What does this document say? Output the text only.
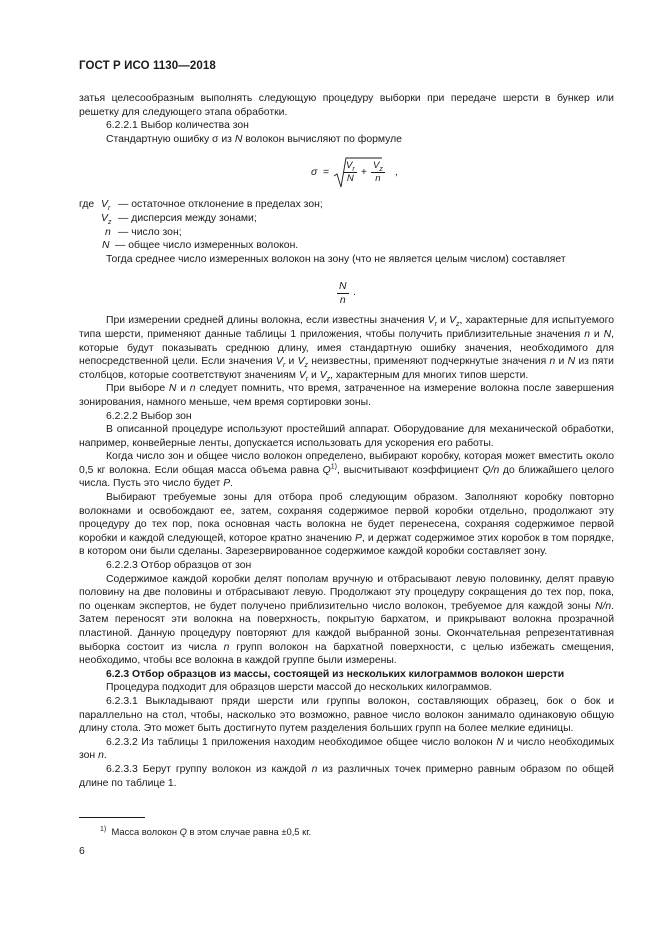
ГОСТ Р ИСО 1130—2018

затья целесообразным выполнять следующую процедуру выборки при передаче шерсти в бункер или решетку для следующего этапа обработки.

6.2.2.1 Выбор количества зон

Стандартную ошибку σ из N волокон вычисляют по формуле

$\sigma = \frac{V_r}{N} + \frac{V_z}{n}$ ,
где $V_r$ — остаточное отклонение в пределах зон;
$V_z$ — дисперсия между зонами;
n — число зон;
N — общее число измеренных волокон.

Тогда среднее число измеренных волокон на зону (что не является целым числом) составляет

$\frac{N}{n}$ .

При измерении средней длины волокна, если известны значения $V_r$ и $V_z$, характерные для испытуемого типа шерсти, применяют данные таблицы 1 приложения, чтобы получить приблизительные значения n и N, которые будут показывать среднюю длину, имея стандартную ошибку значения, необходимого для непосредственной цели. Если значения $V_r$ и $V_z$ неизвестны, применяют подчеркнутые значения n и N из пяти столбцов, которые соответствуют значениям $V_r$ и $V_z$, характерным для многих типов шерсти.

При выборе N и n следует помнить, что время, затраченное на измерение волокна после завершения зонирования, намного меньше, чем время сортировки зоны.

6.2.2.2 Выбор зон

В описанной процедуре используют простейший аппарат. Оборудование для механической обработки, например, конвейерные ленты, допускается использовать для ускорения его работы.

Когда число зон и общее число волокон определено, выбирают коробку, которая может вместить около 0,5 кг волокна. Если общая масса объема равна $Q^{1)}$, высчитывают коэффициент Q/n до ближайшего целого числа. Пусть это число будет P.

Выбирают требуемые зоны для отбора проб следующим образом. Заполняют коробку повторно волокнами и освобождают ее, затем, сохраняя содержимое первой коробки отдельно, продолжают эту процедуру до тех пор, пока основная часть волокна не будет перенесена, сохраняя содержимое первой коробки и каждой следующей, которое кратно значению P, и держат содержимое этих коробок в том порядке, в котором они были сделаны. Зарезервированное содержимое каждой коробки составляет зону.

6.2.2.3 Отбор образцов от зон

Содержимое каждой коробки делят пополам вручную и отбрасывают левую половинку, делят правую половину на две половины и отбрасывают левую. Продолжают эту процедуру сокращения до тех пор, пока, по оценкам экспертов, не будет получено приблизительно число волокон, требуемое для каждой зоны N/n. Затем переносят эти волокна на поверхность, покрытую бархатом, и прикрывают волокна прозрачной пластиной. Данную процедуру повторяют для каждой выбранной зоны. Окончательная репрезентативная выборка состоит из числа n групп волокон на бархатной поверхности, с целью избежать смещения, необходимо, чтобы все волокна в каждой группе были измерены.

6.2.3 Отбор образцов из массы, состоящей из нескольких килограммов волокон шерсти

Процедура подходит для образцов шерсти массой до нескольких килограммов.

6.2.3.1 Выкладывают пряди шерсти или группы волокон, составляющих образец, бок о бок и параллельно на стол, чтобы, насколько это возможно, равное число волокон занимало одинаковую общую длину стола. Это может быть достигнуто путем разделения больших групп на более мелкие единицы.

6.2.3.2 Из таблицы 1 приложения находим необходимое общее число волокон N и число необходимых зон n.

6.2.3.3 Берут группу волокон из каждой n из различных точек примерно равным образом по общей длине по таблице 1.

$^{1)}$ Масса волокон Q в этом случае равна ±0,5 кг.
6
